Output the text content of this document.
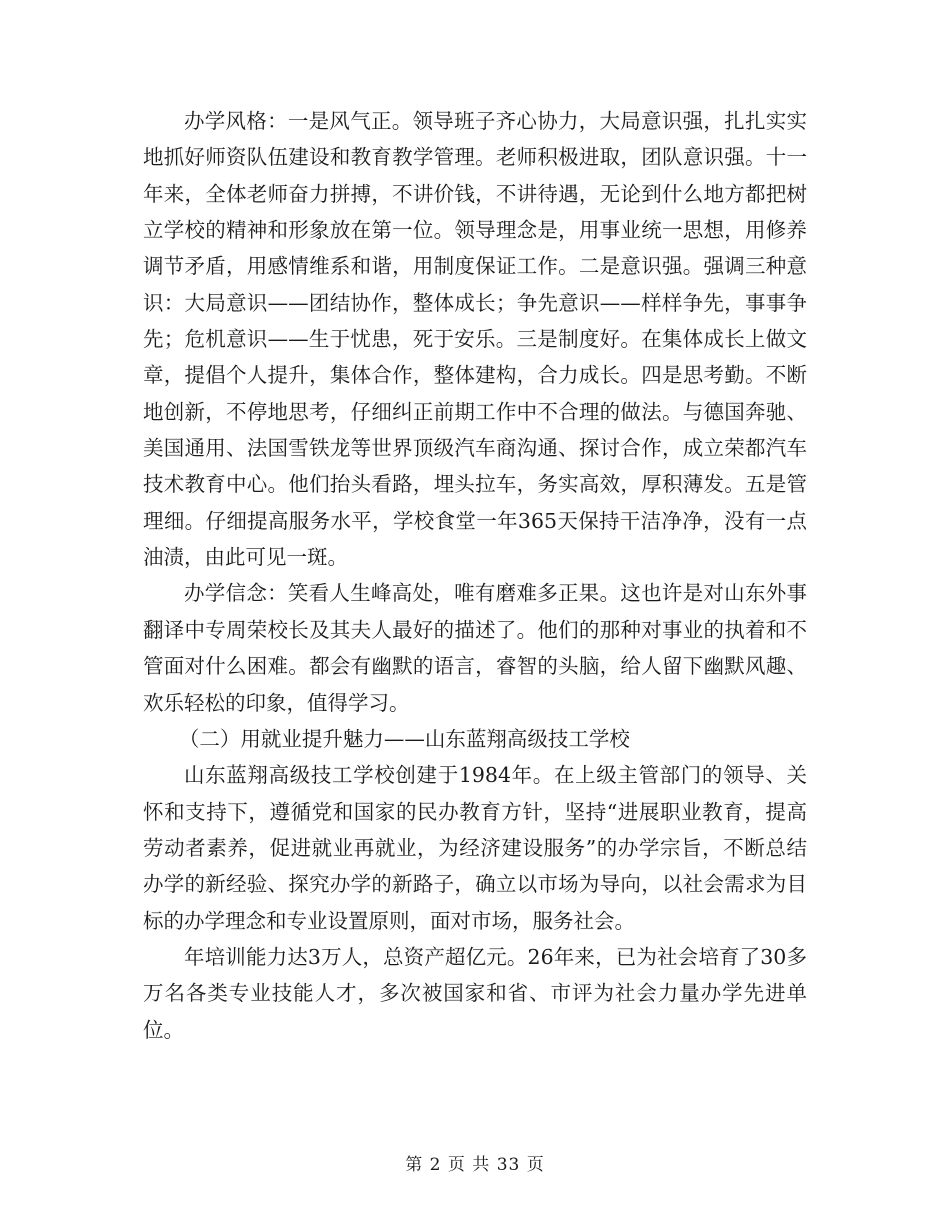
办学风格：一是风气正。领导班子齐心协力，大局意识强，扎扎实实地抓好师资队伍建设和教育教学管理。老师积极进取，团队意识强。十一年来，全体老师奋力拼搏，不讲价钱，不讲待遇，无论到什么地方都把树立学校的精神和形象放在第一位。领导理念是，用事业统一思想，用修养调节矛盾，用感情维系和谐，用制度保证工作。二是意识强。强调三种意识：大局意识——团结协作，整体成长；争先意识——样样争先，事事争先；危机意识——生于忧患，死于安乐。三是制度好。在集体成长上做文章，提倡个人提升，集体合作，整体建构，合力成长。四是思考勤。不断地创新，不停地思考，仔细纠正前期工作中不合理的做法。与德国奔驰、美国通用、法国雪铁龙等世界顶级汽车商沟通、探讨合作，成立荣都汽车技术教育中心。他们抬头看路，埋头拉车，务实高效，厚积薄发。五是管理细。仔细提高服务水平，学校食堂一年365天保持干洁净净，没有一点油渍，由此可见一斑。

办学信念：笑看人生峰高处，唯有磨难多正果。这也许是对山东外事翻译中专周荣校长及其夫人最好的描述了。他们的那种对事业的执着和不管面对什么困难。都会有幽默的语言，睿智的头脑，给人留下幽默风趣、欢乐轻松的印象，值得学习。

（二）用就业提升魅力——山东蓝翔高级技工学校

山东蓝翔高级技工学校创建于1984年。在上级主管部门的领导、关怀和支持下，遵循党和国家的民办教育方针，坚持“进展职业教育，提高劳动者素养，促进就业再就业，为经济建设服务”的办学宗旨，不断总结办学的新经验、探究办学的新路子，确立以市场为导向，以社会需求为目标的办学理念和专业设置原则，面对市场，服务社会。

年培训能力达3万人，总资产超亿元。26年来，已为社会培育了30多万名各类专业技能人才，多次被国家和省、市评为社会力量办学先进单位。

第 2 页 共 33 页
